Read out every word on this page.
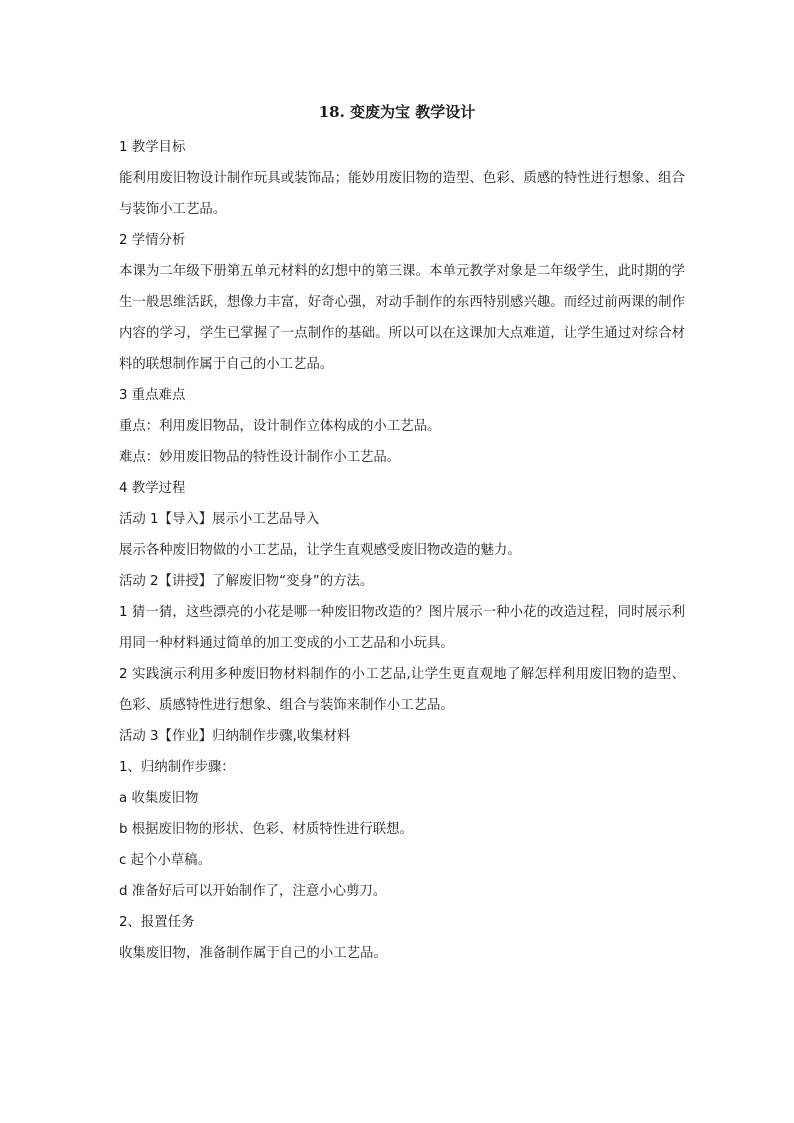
18. 变废为宝 教学设计
1 教学目标
能利用废旧物设计制作玩具或装饰品；能妙用废旧物的造型、色彩、质感的特性进行想象、组合与装饰小工艺品。
2 学情分析
本课为二年级下册第五单元材料的幻想中的第三课。本单元教学对象是二年级学生，此时期的学生一般思维活跃，想像力丰富，好奇心强，对动手制作的东西特别感兴趣。而经过前两课的制作内容的学习，学生已掌握了一点制作的基础。所以可以在这课加大点难道，让学生通过对综合材料的联想制作属于自己的小工艺品。
3 重点难点
重点：利用废旧物品，设计制作立体构成的小工艺品。
难点：妙用废旧物品的特性设计制作小工艺品。
4 教学过程
活动 1【导入】展示小工艺品导入
展示各种废旧物做的小工艺品，让学生直观感受废旧物改造的魅力。
活动 2【讲授】了解废旧物“变身”的方法。
1 猜一猜，这些漂亮的小花是哪一种废旧物改造的？图片展示一种小花的改造过程，同时展示利用同一种材料通过简单的加工变成的小工艺品和小玩具。
2 实践演示利用多种废旧物材料制作的小工艺品,让学生更直观地了解怎样利用废旧物的造型、色彩、质感特性进行想象、组合与装饰来制作小工艺品。
活动 3【作业】归纳制作步骤,收集材料
1、归纳制作步骤：
a 收集废旧物
b 根据废旧物的形状、色彩、材质特性进行联想。
c 起个小草稿。
d 准备好后可以开始制作了，注意小心剪刀。
2、报置任务
收集废旧物，准备制作属于自己的小工艺品。
